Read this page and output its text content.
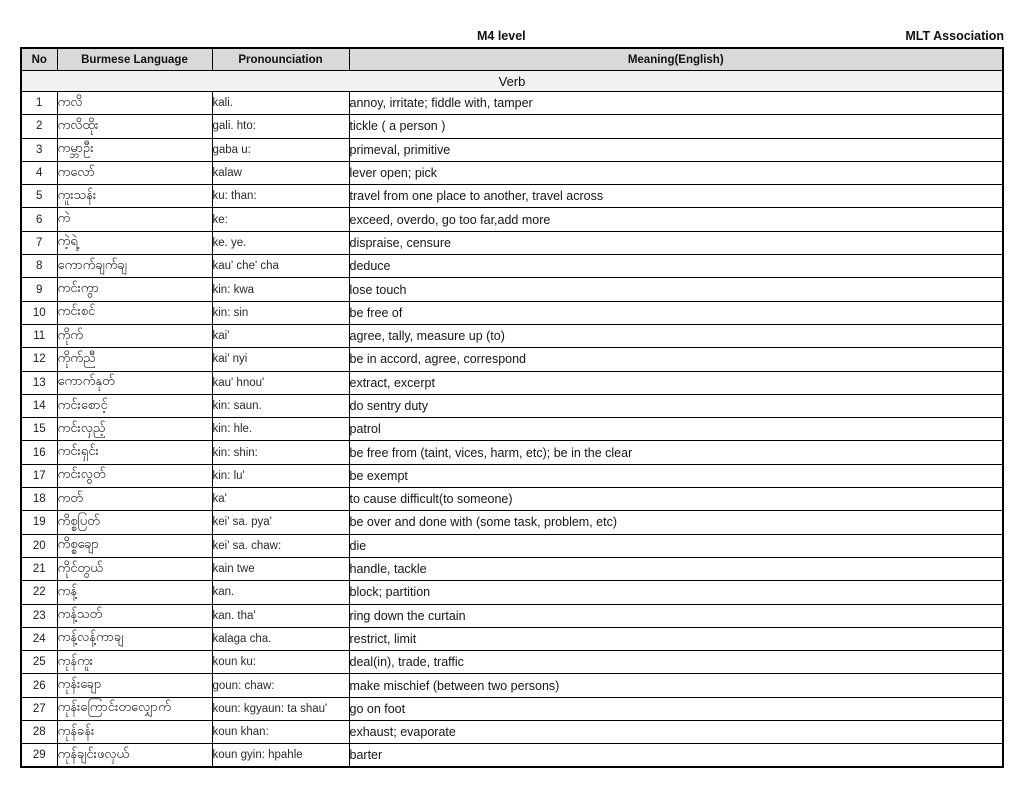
M4 level	MLT Association
No	Burmese Language	Pronounciation	Meaning(English)
Verb			
1	ကလိ	kali.	annoy, irritate; fiddle with, tamper
2	ကလိထိုး	gali. hto:	tickle ( a person )
3	ကမ္ဘာဦး	gaba u:	primeval, primitive
4	ကလော်	kalaw	lever open; pick
5	ကူးသန်း	ku: than:	travel from one place to another, travel across
6	ကဲ	ke:	exceed, overdo, go too far,add more
7	ကဲ့ရဲ့	ke. ye.	dispraise, censure
8	ကောက်ချက်ချ	kau' che' cha	deduce
9	ကင်းကွာ	kin: kwa	lose touch
10	ကင်းစင်	kin: sin	be free of
11	ကိုက်	kai'	agree, tally, measure up (to)
12	ကိုက်ညီ	kai' nyi	be in accord, agree, correspond
13	ကောက်နုတ်	kau' hnou'	extract, excerpt
14	ကင်းစောင့်	kin: saun.	do sentry duty
15	ကင်းလှည့်	kin: hle.	patrol
16	ကင်းရှင်း	kin: shin:	be free from (taint, vices, harm, etc); be in the clear
17	ကင်းလွတ်	kin: lu'	be exempt
18	ကတ်	ka'	to cause difficult(to someone)
19	ကိစ္စပြတ်	kei' sa. pya'	be over and done with (some task, problem, etc)
20	ကိစ္စချော	kei' sa. chaw:	die
21	ကိုင်တွယ်	kain twe	handle, tackle
22	ကန့်	kan.	block; partition
23	ကန့်သတ်	kan. tha'	ring down the curtain
24	ကန့်လန့်ကာချ	kalaga cha.	restrict, limit
25	ကုန်ကူး	koun ku:	deal(in), trade, traffic
26	ကုန်းချော	goun: chaw:	make mischief (between two persons)
27	ကုန်းကြောင်းတလျှောက်	koun: kgyaun: ta shau'	go on foot
28	ကုန်ခန်း	koun khan:	exhaust; evaporate
29	ကုန်ချင်းဖလှယ်	koun gyin: hpahle	barter
